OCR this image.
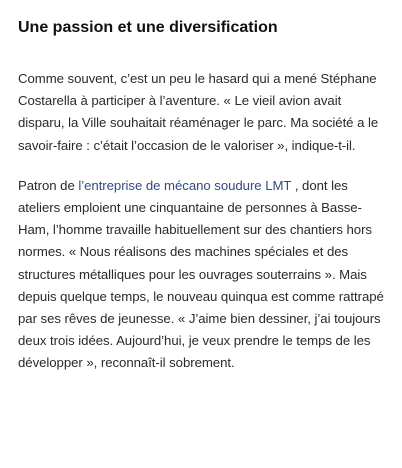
Une passion et une diversification

Comme souvent, c’est un peu le hasard qui a mené Stéphane Costarella à participer à l’aventure. « Le vieil avion avait disparu, la Ville souhaitait réaménager le parc. Ma société a le savoir-faire : c’était l’occasion de le valoriser », indique-t-il.

Patron de l’entreprise de mécano soudure LMT , dont les ateliers emploient une cinquantaine de personnes à Basse-Ham, l’homme travaille habituellement sur des chantiers hors normes. « Nous réalisons des machines spéciales et des structures métalliques pour les ouvrages souterrains ». Mais depuis quelque temps, le nouveau quinqua est comme rattrapé par ses rêves de jeunesse. « J’aime bien dessiner, j’ai toujours deux trois idées. Aujourd’hui, je veux prendre le temps de les développer », reconnaît-il sobrement.
